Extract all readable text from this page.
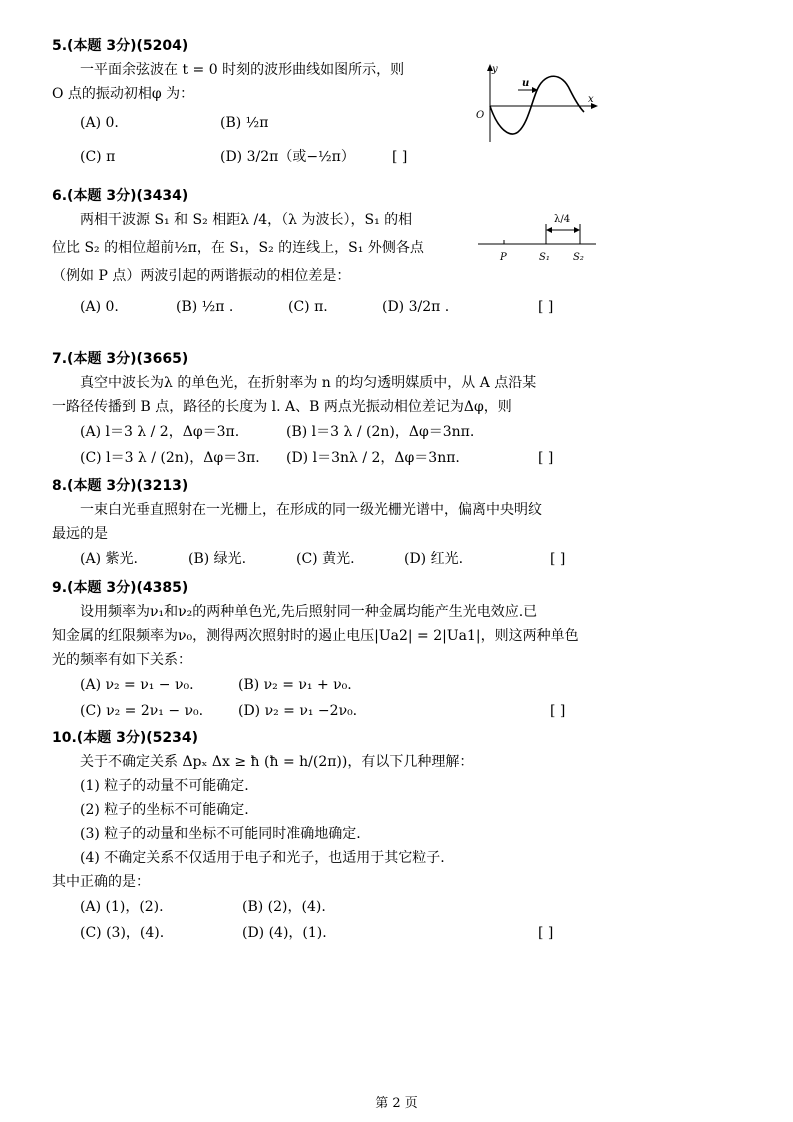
5.(本题 3分)(5204)
一平面余弦波在 t = 0 时刻的波形曲线如图所示，则
O 点的振动初相φ 为：
(A) 0.	(B) ½π
(C) π	(D) 3/2π（或−½π）	[ ]
y
u
x
O
6.(本题 3分)(3434)
两相干波源 S₁ 和 S₂ 相距λ /4，（λ 为波长），S₁ 的相
位比 S₂ 的相位超前½π，在 S₁，S₂ 的连线上，S₁ 外侧各点
（例如 P 点）两波引起的两谐振动的相位差是：
(A) 0.	(B) ½π .	(C) π.	(D) 3/2π .	[ ]
λ/4
P	S₁ S₂
7.(本题 3分)(3665)
真空中波长为λ 的单色光，在折射率为 n 的均匀透明媒质中，从 A 点沿某
一路径传播到 B 点，路径的长度为 l. A、B 两点光振动相位差记为Δφ，则
(A) l＝3 λ / 2，Δφ＝3π.	(B) l＝3 λ / (2n)，Δφ＝3nπ.
(C) l＝3 λ / (2n)，Δφ＝3π. (D) l＝3nλ / 2，Δφ＝3nπ.	[ ]
8.(本题 3分)(3213)
一束白光垂直照射在一光栅上，在形成的同一级光栅光谱中，偏离中央明纹
最远的是
(A) 紫光.	(B) 绿光.	(C) 黄光.	(D) 红光.	[ ]
9.(本题 3分)(4385)
设用频率为ν₁和ν₂的两种单色光,先后照射同一种金属均能产生光电效应.已
知金属的红限频率为ν₀，测得两次照射时的遏止电压|Ua2| = 2|Ua1|，则这两种单色
光的频率有如下关系：
(A) ν₂ = ν₁ − ν₀.	(B) ν₂ = ν₁ + ν₀.
(C) ν₂ = 2ν₁ − ν₀. (D) ν₂ = ν₁ −2ν₀.	[ ]
10.(本题 3分)(5234)
关于不确定关系 Δpₓ Δx ≥ ħ (ħ = h/(2π))，有以下几种理解：
(1) 粒子的动量不可能确定.
(2) 粒子的坐标不可能确定.
(3) 粒子的动量和坐标不可能同时准确地确定.
(4) 不确定关系不仅适用于电子和光子，也适用于其它粒子.
其中正确的是：
(A) (1)，(2).	(B) (2)，(4).
(C) (3)，(4).	(D) (4)，(1).	[ ]
第 2 页
